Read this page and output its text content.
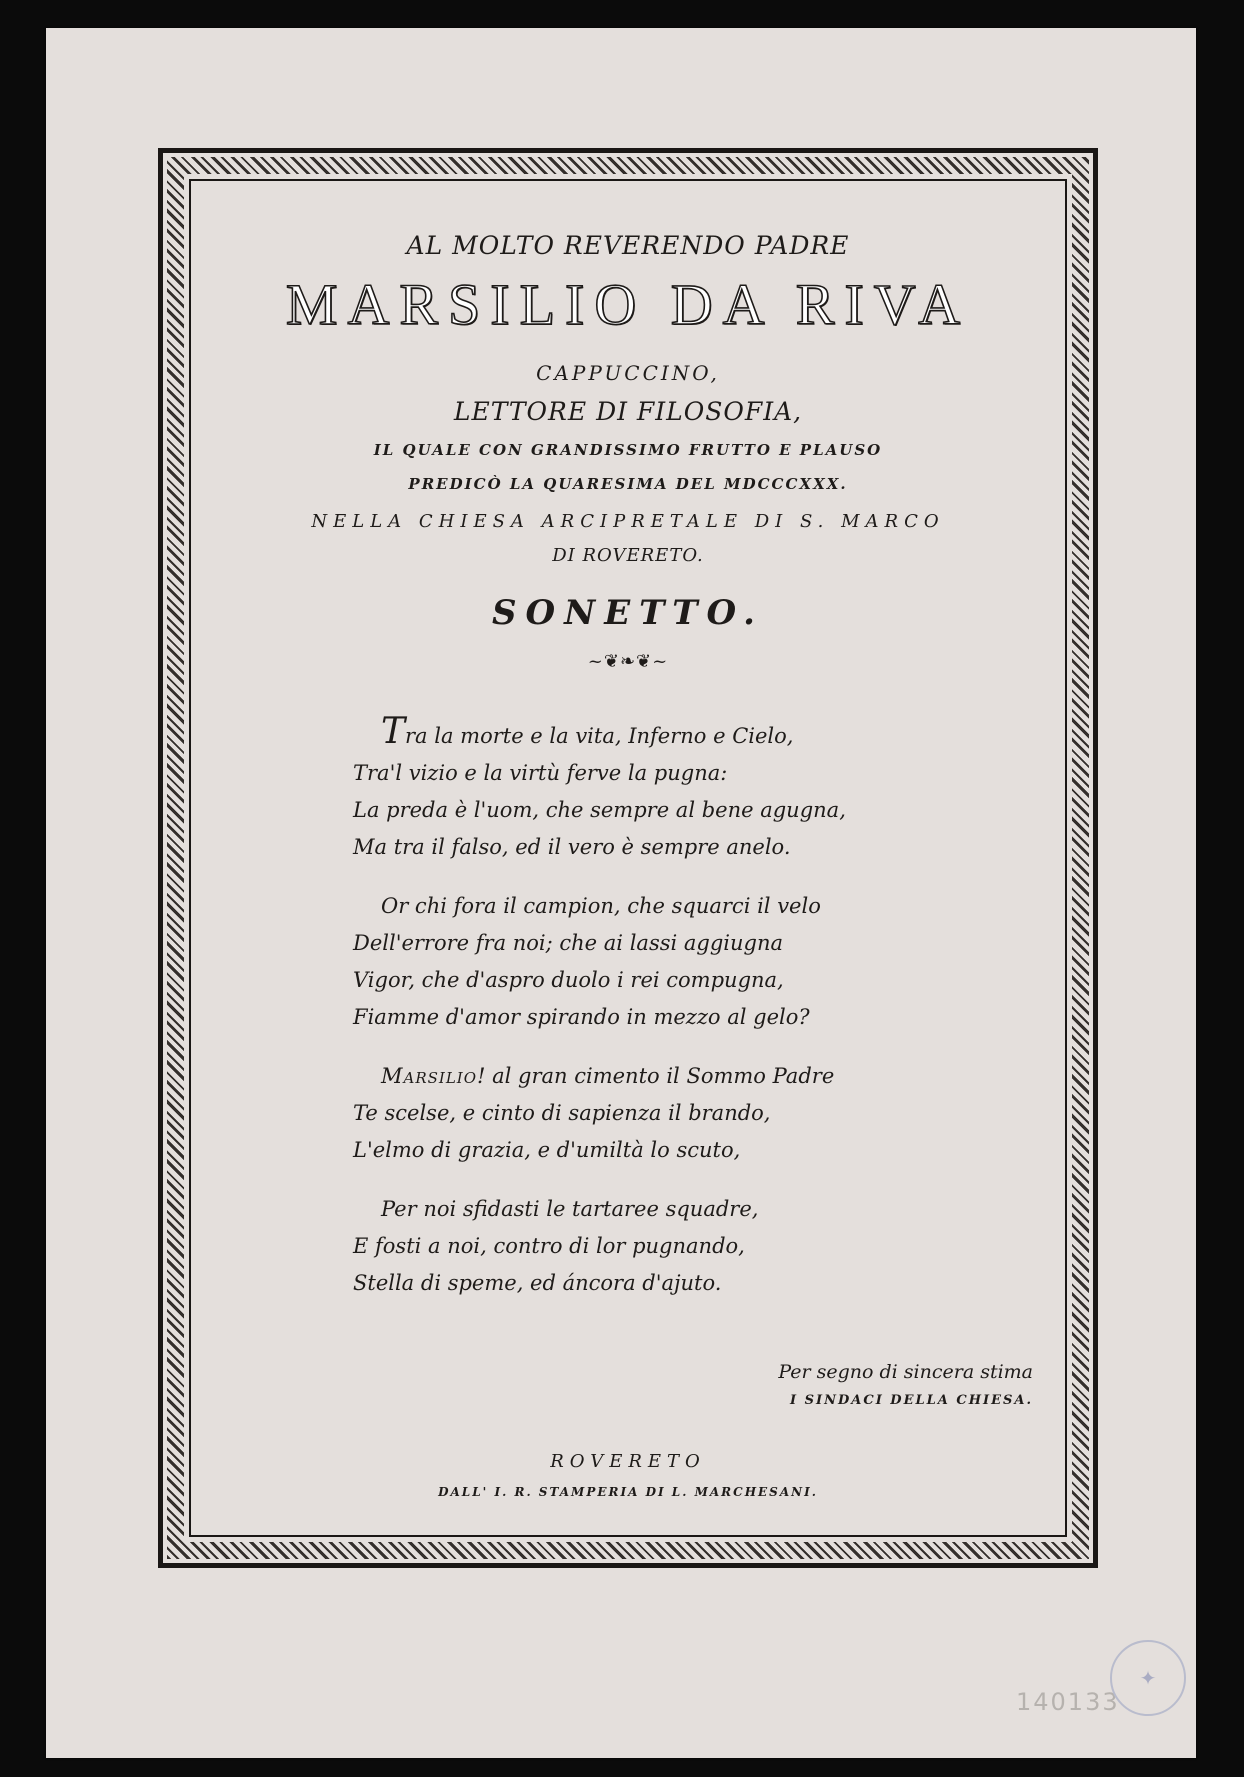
AL MOLTO REVERENDO PADRE

MARSILIO DA RIVA

CAPPUCCINO,

LETTORE DI FILOSOFIA,

IL QUALE CON GRANDISSIMO FRUTTO E PLAUSO

PREDICÒ LA QUARESIMA DEL MDCCCXXX.

NELLA CHIESA ARCIPRETALE DI S. MARCO

DI ROVERETO.

SONETTO.

~❦❧❦~

Tra la morte e la vita, Inferno e Cielo,
Tra'l vizio e la virtù ferve la pugna:
La preda è l'uom, che sempre al bene agugna,
Ma tra il falso, ed il vero è sempre anelo.
Or chi fora il campion, che squarci il velo
Dell'errore fra noi; che ai lassi aggiugna
Vigor, che d'aspro duolo i rei compugna,
Fiamme d'amor spirando in mezzo al gelo?
Marsilio! al gran cimento il Sommo Padre
Te scelse, e cinto di sapienza il brando,
L'elmo di grazia, e d'umiltà lo scuto,
Per noi sfidasti le tartaree squadre,
E fosti a noi, contro di lor pugnando,
Stella di speme, ed áncora d'ajuto.
Per segno di sincera stima
I SINDACI DELLA CHIESA.

ROVERETO

DALL' I. R. STAMPERIA DI L. MARCHESANI.

140133
✦
